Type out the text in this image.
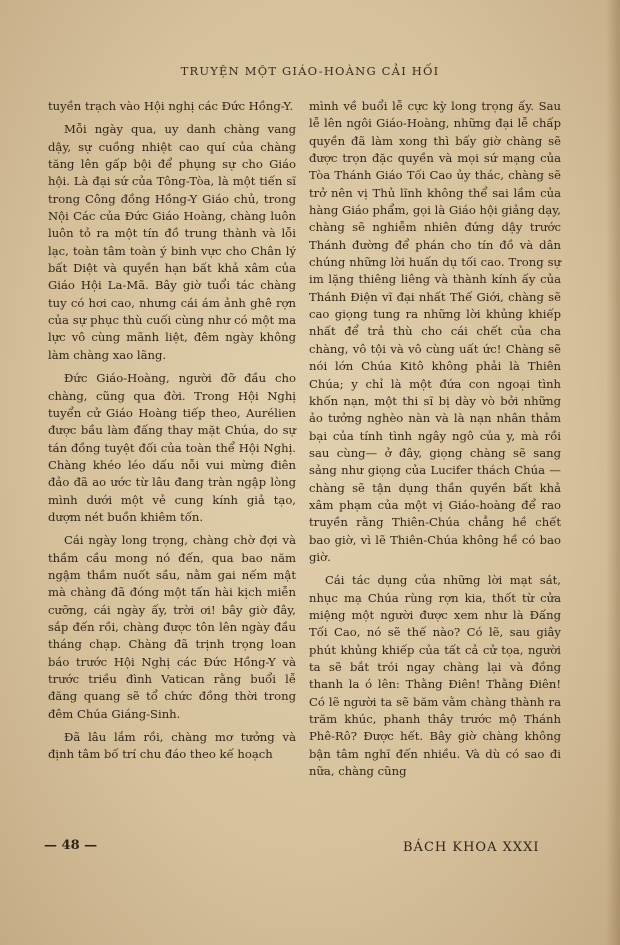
TRUYỆN MỘT GIÁO-HOÀNG CẢI HỐI

tuyền trạch vào Hội nghị các Đức Hồng-Y.

Mỗi ngày qua, uy danh chàng vang dậy, sự cuồng nhiệt cao quí của chàng tăng lên gấp bội để phụng sự cho Giáo hội. Là đại sứ của Tông-Tòa, là một tiến sĩ trong Công đồng Hồng-Y Giáo chủ, trong Nội Các của Đức Giáo Hoàng, chàng luôn luôn tỏ ra một tín đồ trung thành và lỗi lạc, toàn tâm toàn ý binh vực cho Chân lý bất Diệt và quyền hạn bất khả xâm của Giáo Hội La-Mã. Bây giờ tuổi tác chàng tuy có hơi cao, nhưng cái ám ảnh ghê rợn của sự phục thù cuối cùng như có một ma lực vô cùng mãnh liệt, đêm ngày không làm chàng xao lãng.

Đức Giáo-Hoàng, người đỡ đầu cho chàng, cũng qua đời. Trong Hội Nghị tuyển cử Giáo Hoàng tiếp theo, Aurélien được bầu làm đấng thay mặt Chúa, do sự tán đồng tuyệt đối của toàn thể Hội Nghị. Chàng khéo léo dấu nỗi vui mừng điên đảo đã ao ước từ lâu đang tràn ngập lòng mình dưới một vẻ cung kính giả tạo, dượm nét buồn khiêm tốn.

Cái ngày long trọng, chàng chờ đợi và thầm cầu mong nó đến, qua bao năm ngậm thầm nuốt sầu, nằm gai nếm mật mà chàng đã đóng một tấn hài kịch miễn cưỡng, cái ngày ấy, trời ơi! bây giờ đây, sắp đến rồi, chàng được tôn lên ngày đầu tháng chạp. Chàng đã trịnh trọng loan báo trước Hội Nghị các Đức Hồng-Y và trước triều đình Vatican rằng buổi lễ đăng quang sẽ tổ chức đồng thời trong đêm Chúa Giáng-Sinh.

Đã lâu lắm rồi, chàng mơ tưởng và định tâm bố trí chu đáo theo kế hoạch

mình về buổi lễ cực kỳ long trọng ấy. Sau lễ lên ngôi Giáo-Hoàng, những đại lễ chấp quyền đã làm xong thì bấy giờ chàng sẽ được trọn đặc quyền và mọi sứ mạng của Tòa Thánh Giáo Tối Cao ủy thác, chàng sẽ trở nên vị Thủ lĩnh không thể sai lầm của hàng Giáo phẩm, gọi là Giáo hội giảng dạy, chàng sẽ nghiễm nhiên đứng dậy trước Thánh đường để phán cho tín đồ và dân chúng những lời huấn dụ tối cao. Trong sự im lặng thiêng liêng và thành kính ấy của Thánh Điện vĩ đại nhất Thế Giới, chàng sẽ cao giọng tung ra những lời khủng khiếp nhất để trả thù cho cái chết của cha chàng, vô tội và vô cùng uất ức! Chàng sẽ nói lớn Chúa Kitô không phải là Thiên Chúa; y chỉ là một đứa con ngoại tình khốn nạn, một thi sĩ bị dày vò bởi những ảo tưởng nghèo nàn và là nạn nhân thảm bại của tính tình ngây ngô của y, mà rồi sau cùng— ở đây, giọng chàng sẽ sang sảng như giọng của Lucifer thách Chúa — chàng sẽ tận dụng thần quyền bất khả xâm phạm của một vị Giáo-hoàng để rao truyền rằng Thiên-Chúa chẳng hề chết bao giờ, vì lẽ Thiên-Chúa không hề có bao giờ.

Cái tác dụng của những lời mạt sát, nhục mạ Chúa rùng rợn kia, thốt từ cửa miệng một người được xem như là Đấng Tối Cao, nó sẽ thế nào? Có lẽ, sau giây phút khủng khiếp của tất cả cử tọa, người ta sẽ bắt trói ngay chàng lại và đồng thanh la ó lên: Thằng Điên! Thằng Điên! Có lẽ người ta sẽ băm vằm chàng thành ra trăm khúc, phanh thây trước mộ Thánh Phê-Rô? Được hết. Bây giờ chàng không bận tâm nghĩ đến nhiều. Và dù có sao đi nữa, chàng cũng

— 48 —	BÁCH KHOA XXXI
